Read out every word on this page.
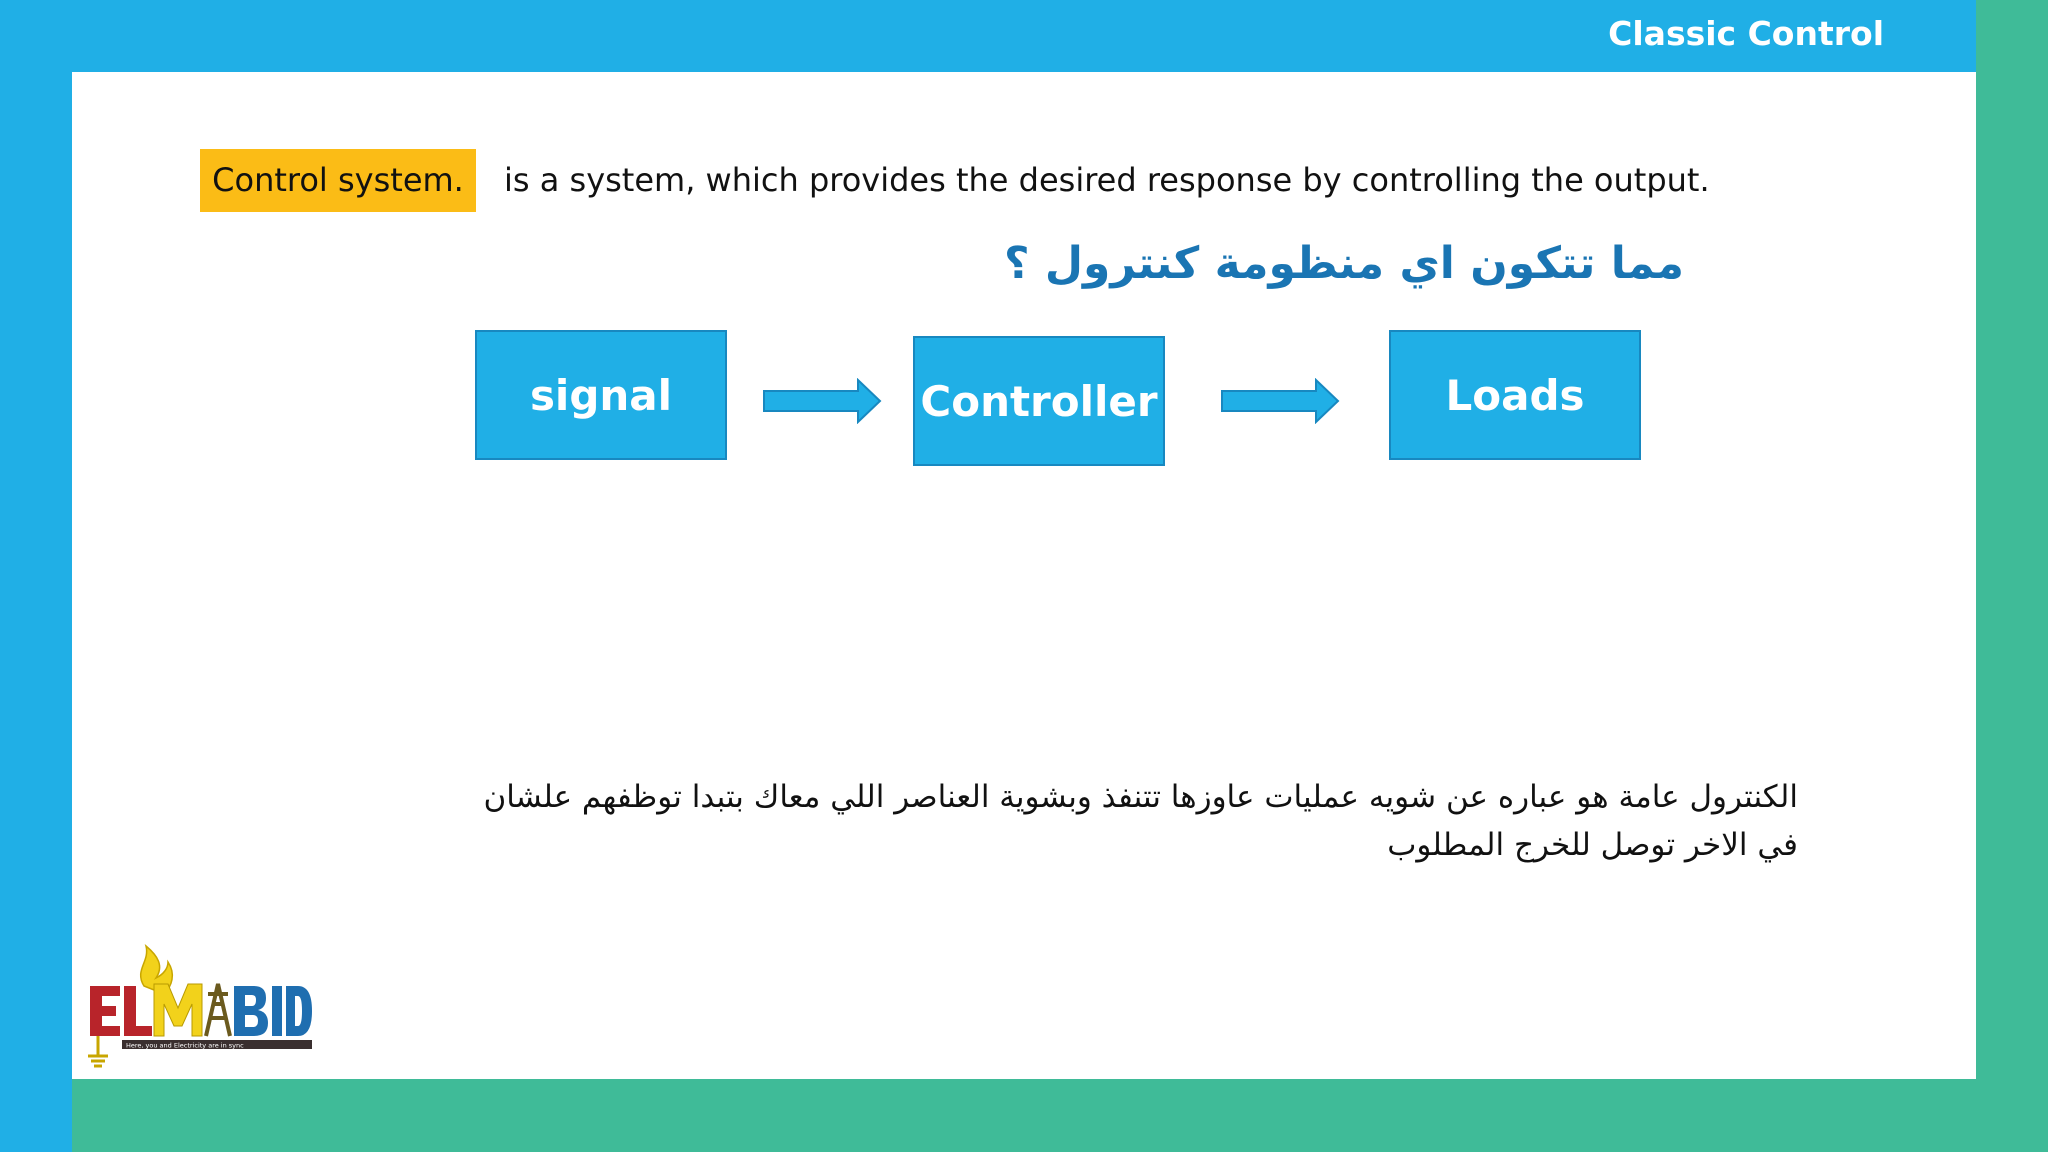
Classic Control
Control system.	is a system, which provides the desired response by controlling the output.
مما تتكون اي منظومة كنترول ؟
signal	Controller	Loads
الكنترول عامة هو عباره عن شويه عمليات عاوزها تتنفذ وبشوية العناصر اللي معاك بتبدا توظفهم علشان في الاخر توصل للخرج المطلوب
Here, you and Electricity are in sync
